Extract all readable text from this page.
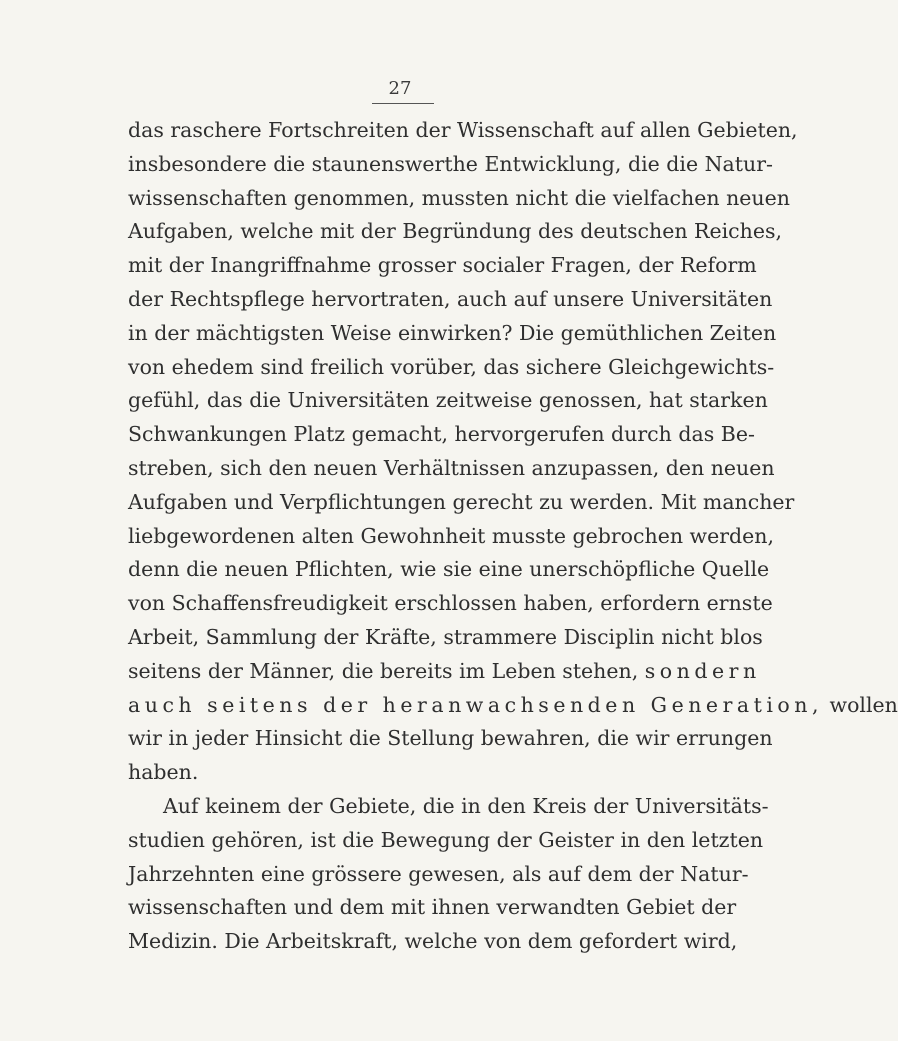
27
das raschere Fortschreiten der Wissenschaft auf allen Gebieten,
insbesondere die staunenswerthe Entwicklung, die die Natur-
wissenschaften genommen, mussten nicht die vielfachen neuen
Aufgaben, welche mit der Begründung des deutschen Reiches,
mit der Inangriffnahme grosser socialer Fragen, der Reform
der Rechtspflege hervortraten, auch auf unsere Universitäten
in der mächtigsten Weise einwirken? Die gemüthlichen Zeiten
von ehedem sind freilich vorüber, das sichere Gleichgewichts-
gefühl, das die Universitäten zeitweise genossen, hat starken
Schwankungen Platz gemacht, hervorgerufen durch das Be-
streben, sich den neuen Verhältnissen anzupassen, den neuen
Aufgaben und Verpflichtungen gerecht zu werden. Mit mancher
liebgewordenen alten Gewohnheit musste gebrochen werden,
denn die neuen Pflichten, wie sie eine unerschöpfliche Quelle
von Schaffensfreudigkeit erschlossen haben, erfordern ernste
Arbeit, Sammlung der Kräfte, strammere Disciplin nicht blos
seitens der Männer, die bereits im Leben stehen, sondern
auch seitens der heranwachsenden Generation, wollen
wir in jeder Hinsicht die Stellung bewahren, die wir errungen
haben.
Auf keinem der Gebiete, die in den Kreis der Universitäts-
studien gehören, ist die Bewegung der Geister in den letzten
Jahrzehnten eine grössere gewesen, als auf dem der Natur-
wissenschaften und dem mit ihnen verwandten Gebiet der
Medizin. Die Arbeitskraft, welche von dem gefordert wird,
